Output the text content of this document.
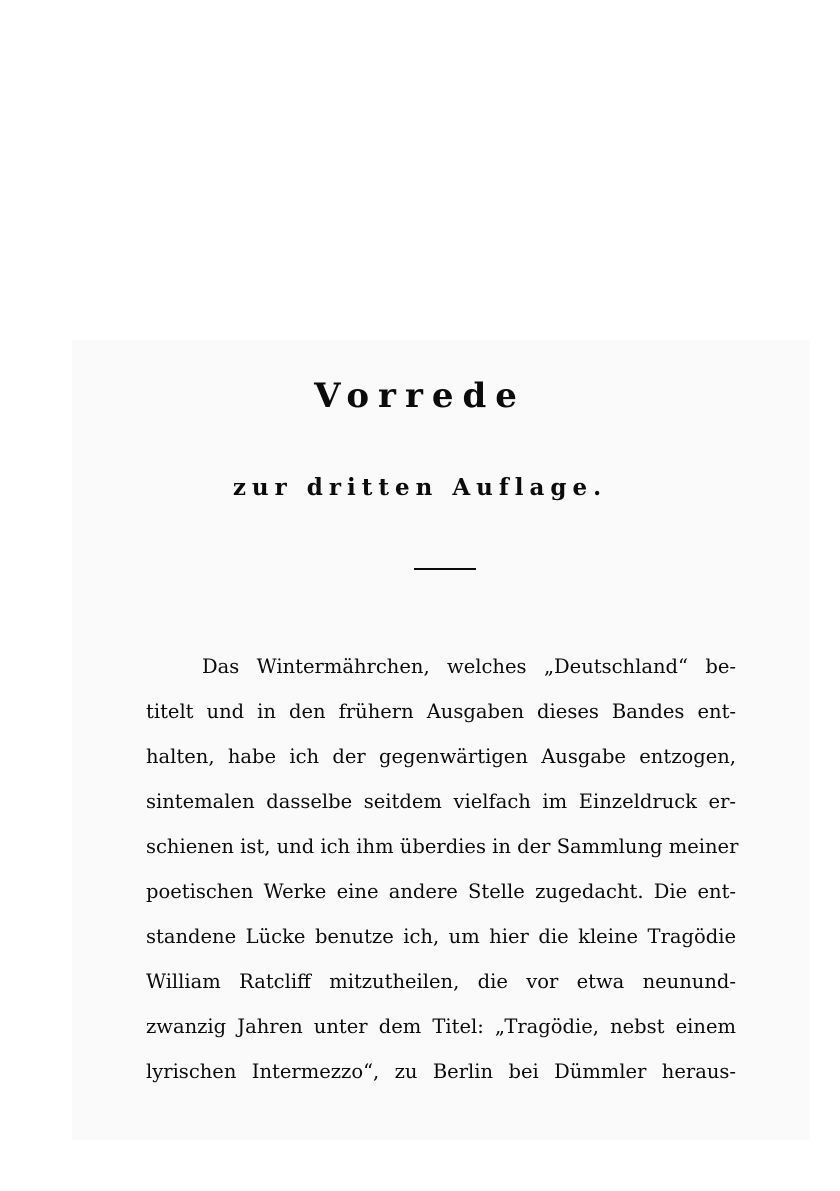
Vorrede
zur dritten Auflage.
Das Wintermährchen, welches „Deutschland“ be-
titelt und in den frühern Ausgaben dieses Bandes ent-
halten, habe ich der gegenwärtigen Ausgabe entzogen,
sintemalen dasselbe seitdem vielfach im Einzeldruck er-
schienen ist, und ich ihm überdies in der Sammlung meiner
poetischen Werke eine andere Stelle zugedacht. Die ent-
standene Lücke benutze ich, um hier die kleine Tragödie
William Ratcliff mitzutheilen, die vor etwa neunund-
zwanzig Jahren unter dem Titel: „Tragödie, nebst einem
lyrischen Intermezzo“, zu Berlin bei Dümmler heraus-
